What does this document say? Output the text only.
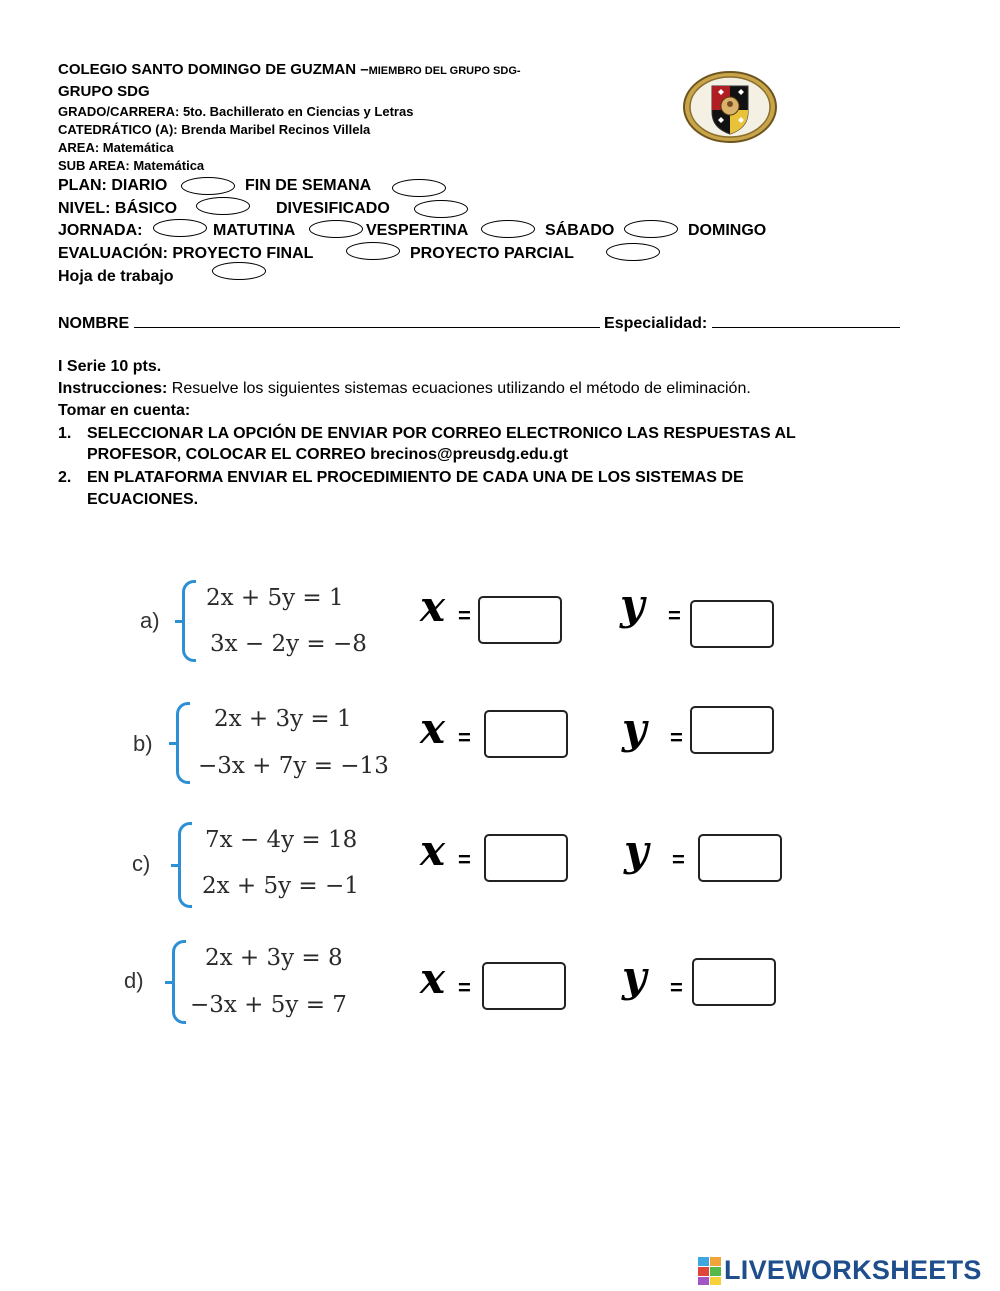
COLEGIO SANTO DOMINGO DE GUZMAN –MIEMBRO DEL GRUPO SDG-
GRUPO SDG
GRADO/CARRERA: 5to. Bachillerato en Ciencias y Letras
CATEDRÁTICO (A): Brenda Maribel Recinos Villela
AREA: Matemática
SUB AREA: Matemática
PLAN: DIARIO	FIN DE SEMANA
NIVEL: BÁSICO	DIVESIFICADO
JORNADA:	MATUTINA	VESPERTINA	SÁBADO	DOMINGO
EVALUACIÓN: PROYECTO FINAL	PROYECTO PARCIAL
Hoja de trabajo
NOMBRE	Especialidad:
I Serie 10 pts.
Instrucciones: Resuelve los siguientes sistemas ecuaciones utilizando el método de eliminación.
Tomar en cuenta:
1. SELECCIONAR LA OPCIÓN DE ENVIAR POR CORREO ELECTRONICO LAS RESPUESTAS AL
PROFESOR, COLOCAR EL CORREO brecinos@preusdg.edu.gt
2. EN PLATAFORMA ENVIAR EL PROCEDIMIENTO DE CADA UNA DE LOS SISTEMAS DE
ECUACIONES.
a)
2x + 5y = 1
3x − 2y = −8
x =	y =
b)
2x + 3y = 1
−3x + 7y = −13
x =	y =
c)
7x − 4y = 18
2x + 5y = −1
x =	y =
d)
2x + 3y = 8
−3x + 5y = 7
x =	y =
LIVEWORKSHEETS
